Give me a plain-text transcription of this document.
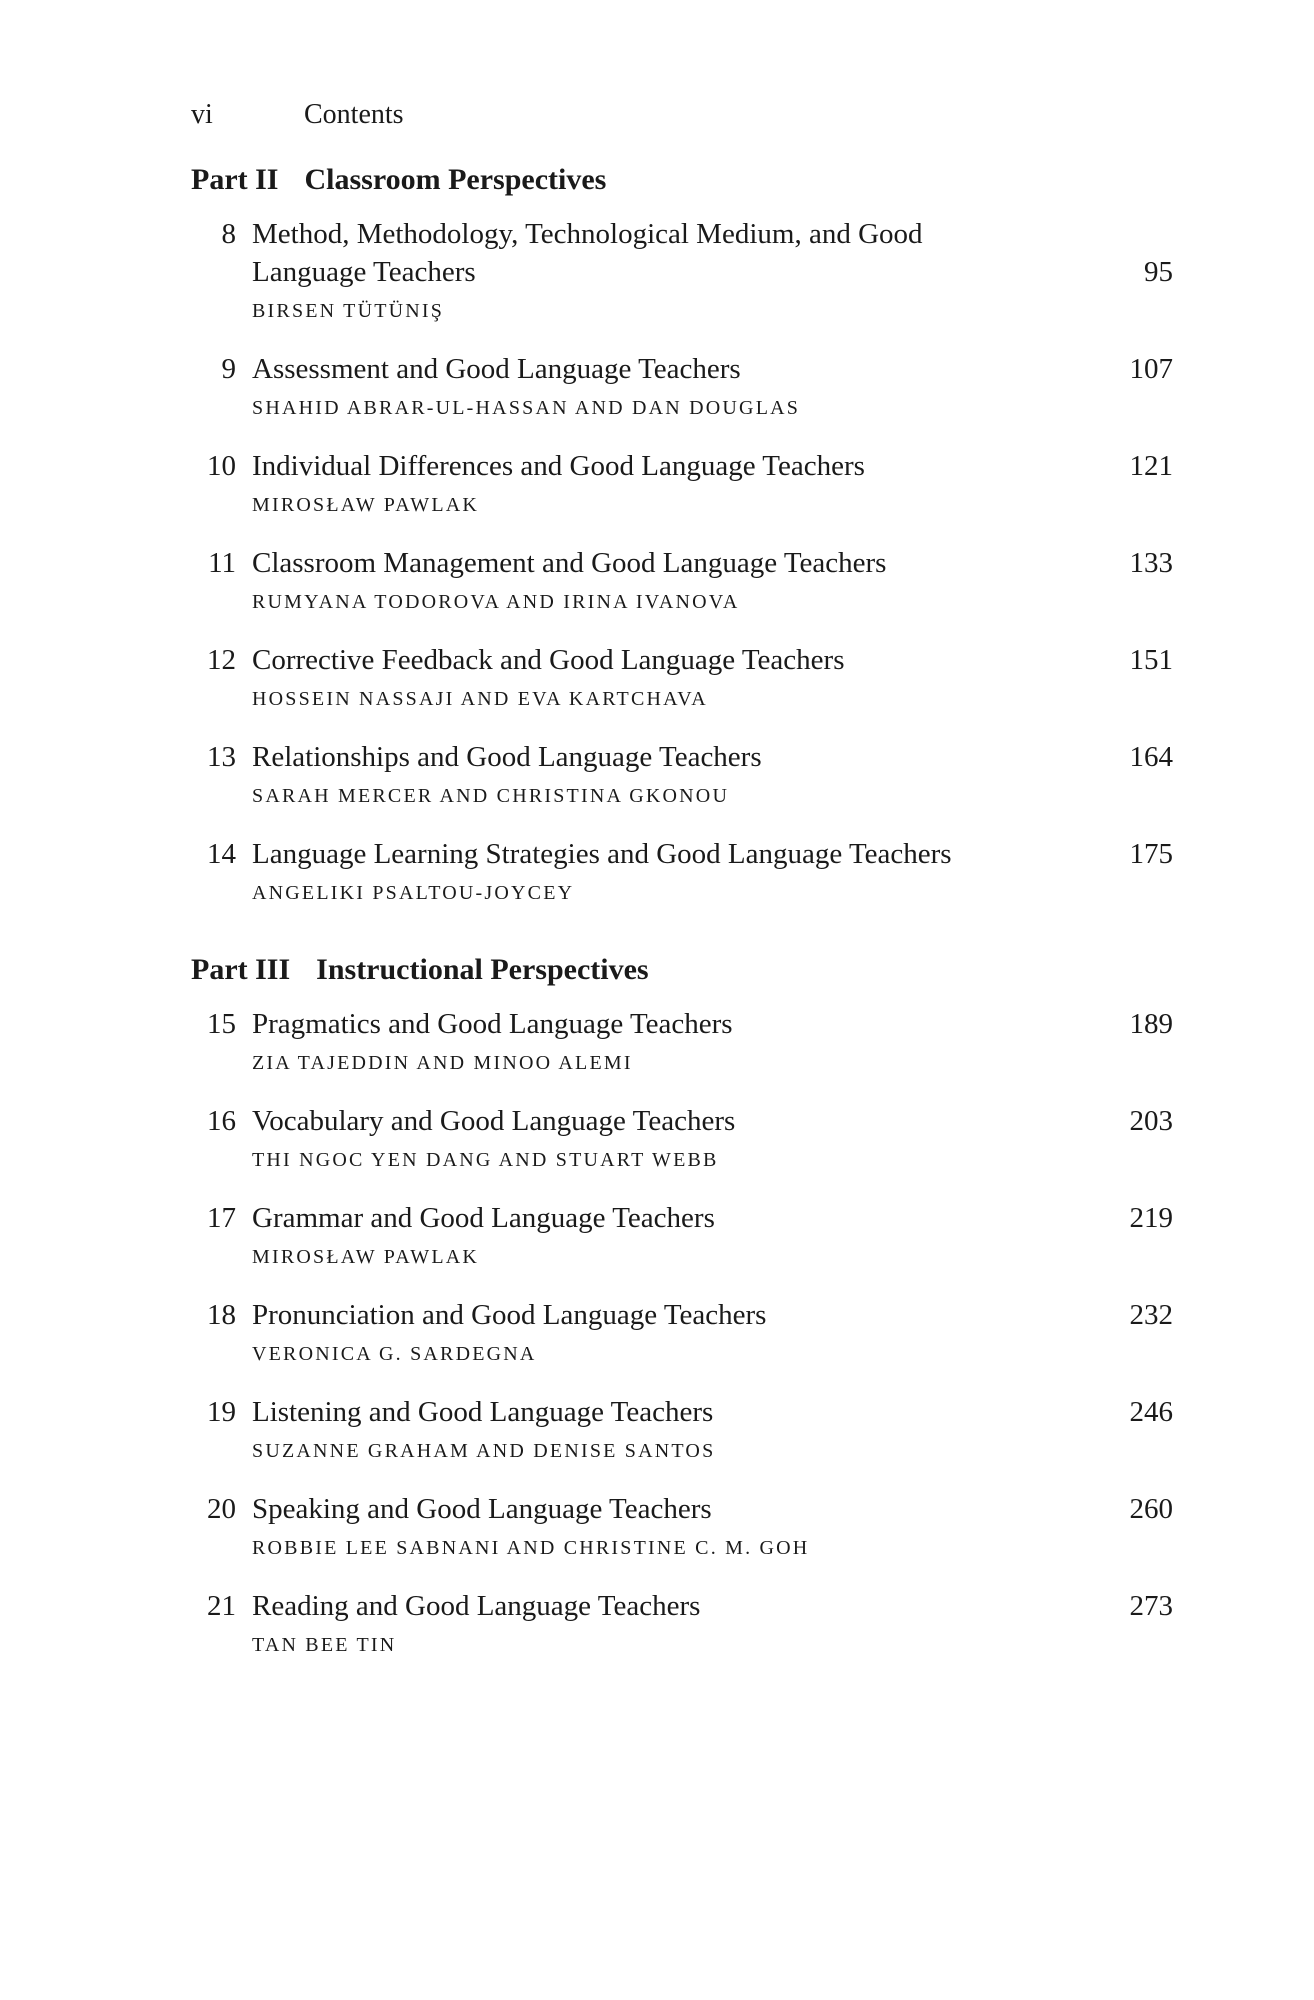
vi	Contents
Part II Classroom Perspectives
8 Method, Methodology, Technological Medium, and Good
Language Teachers
BIRSEN TÜTÜNIŞ
95
9 Assessment and Good Language Teachers
SHAHID ABRAR-UL-HASSAN AND DAN DOUGLAS
107
10 Individual Differences and Good Language Teachers
MIROSŁAW PAWLAK
121
11 Classroom Management and Good Language Teachers
RUMYANA TODOROVA AND IRINA IVANOVA
133
12 Corrective Feedback and Good Language Teachers
HOSSEIN NASSAJI AND EVA KARTCHAVA
151
13 Relationships and Good Language Teachers
SARAH MERCER AND CHRISTINA GKONOU
164
14 Language Learning Strategies and Good Language Teachers
ANGELIKI PSALTOU-JOYCEY
175
Part III Instructional Perspectives
15 Pragmatics and Good Language Teachers
ZIA TAJEDDIN AND MINOO ALEMI
189
16 Vocabulary and Good Language Teachers
THI NGOC YEN DANG AND STUART WEBB
203
17 Grammar and Good Language Teachers
MIROSŁAW PAWLAK
219
18 Pronunciation and Good Language Teachers
VERONICA G. SARDEGNA
232
19 Listening and Good Language Teachers
SUZANNE GRAHAM AND DENISE SANTOS
246
20 Speaking and Good Language Teachers
ROBBIE LEE SABNANI AND CHRISTINE C. M. GOH
260
21 Reading and Good Language Teachers
TAN BEE TIN
273
